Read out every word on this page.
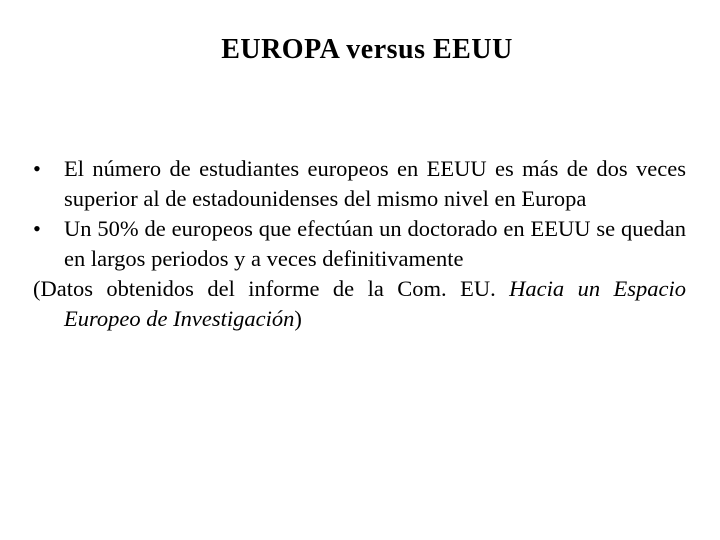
EUROPA versus EEUU
• El número de estudiantes europeos en EEUU es más de dos veces superior al de estadounidenses del mismo nivel en Europa
• Un 50% de europeos que efectúan un doctorado en EEUU se quedan en largos periodos y a veces definitivamente
(Datos obtenidos del informe de la Com. EU. Hacia un Espacio Europeo de Investigación)
